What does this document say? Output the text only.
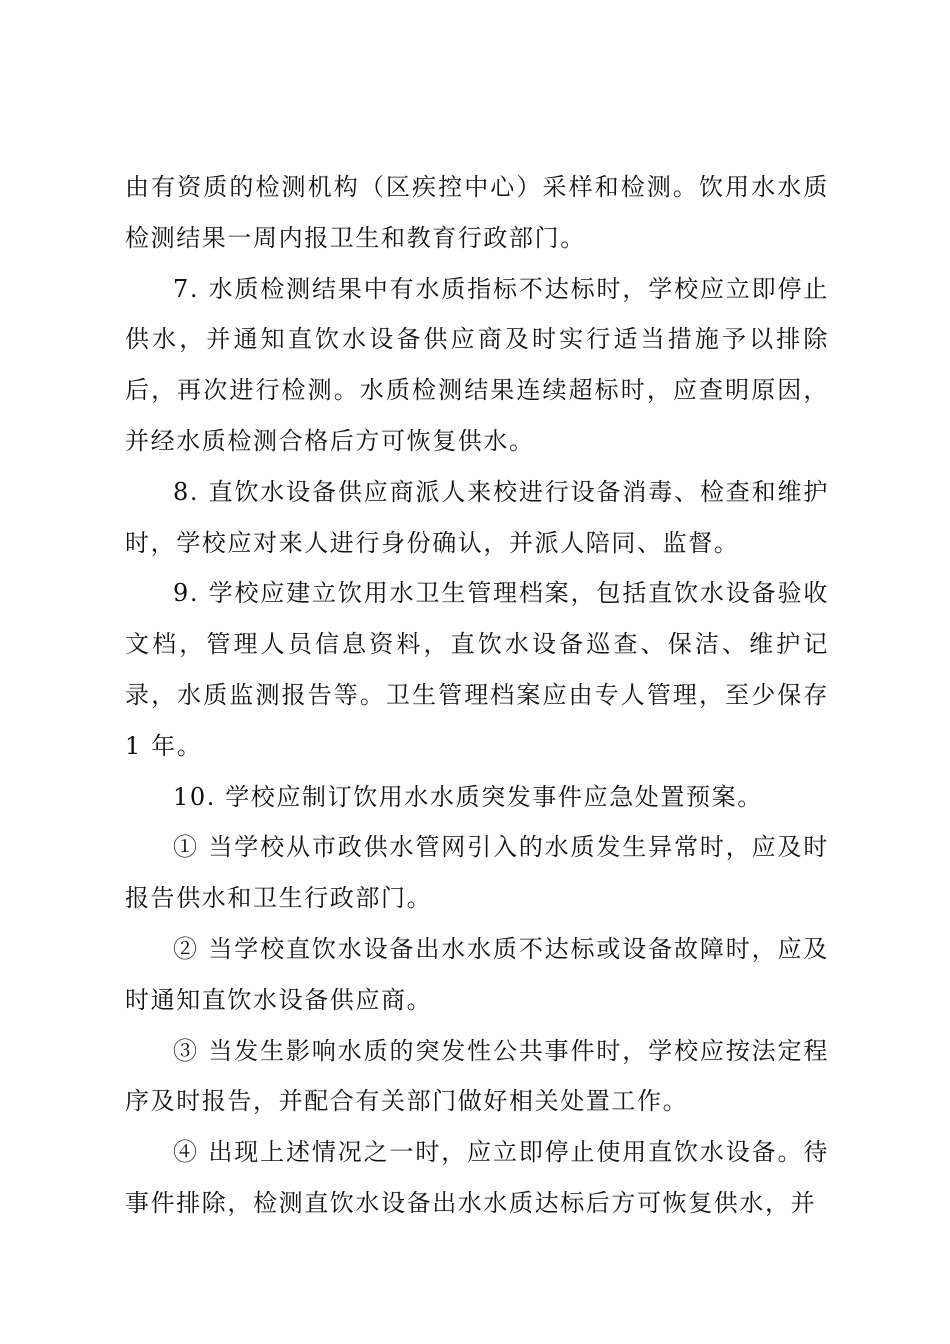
由有资质的检测机构（区疾控中心）采样和检测。饮用水水质检测结果一周内报卫生和教育行政部门。

7. 水质检测结果中有水质指标不达标时，学校应立即停止供水，并通知直饮水设备供应商及时实行适当措施予以排除后，再次进行检测。水质检测结果连续超标时，应查明原因，并经水质检测合格后方可恢复供水。

8. 直饮水设备供应商派人来校进行设备消毒、检查和维护时，学校应对来人进行身份确认，并派人陪同、监督。

9. 学校应建立饮用水卫生管理档案，包括直饮水设备验收文档，管理人员信息资料，直饮水设备巡查、保洁、维护记录，水质监测报告等。卫生管理档案应由专人管理，至少保存 1 年。

10. 学校应制订饮用水水质突发事件应急处置预案。

① 当学校从市政供水管网引入的水质发生异常时，应及时报告供水和卫生行政部门。

② 当学校直饮水设备出水水质不达标或设备故障时，应及时通知直饮水设备供应商。

③ 当发生影响水质的突发性公共事件时，学校应按法定程序及时报告，并配合有关部门做好相关处置工作。

④ 出现上述情况之一时，应立即停止使用直饮水设备。待事件排除，检测直饮水设备出水水质达标后方可恢复供水，并
